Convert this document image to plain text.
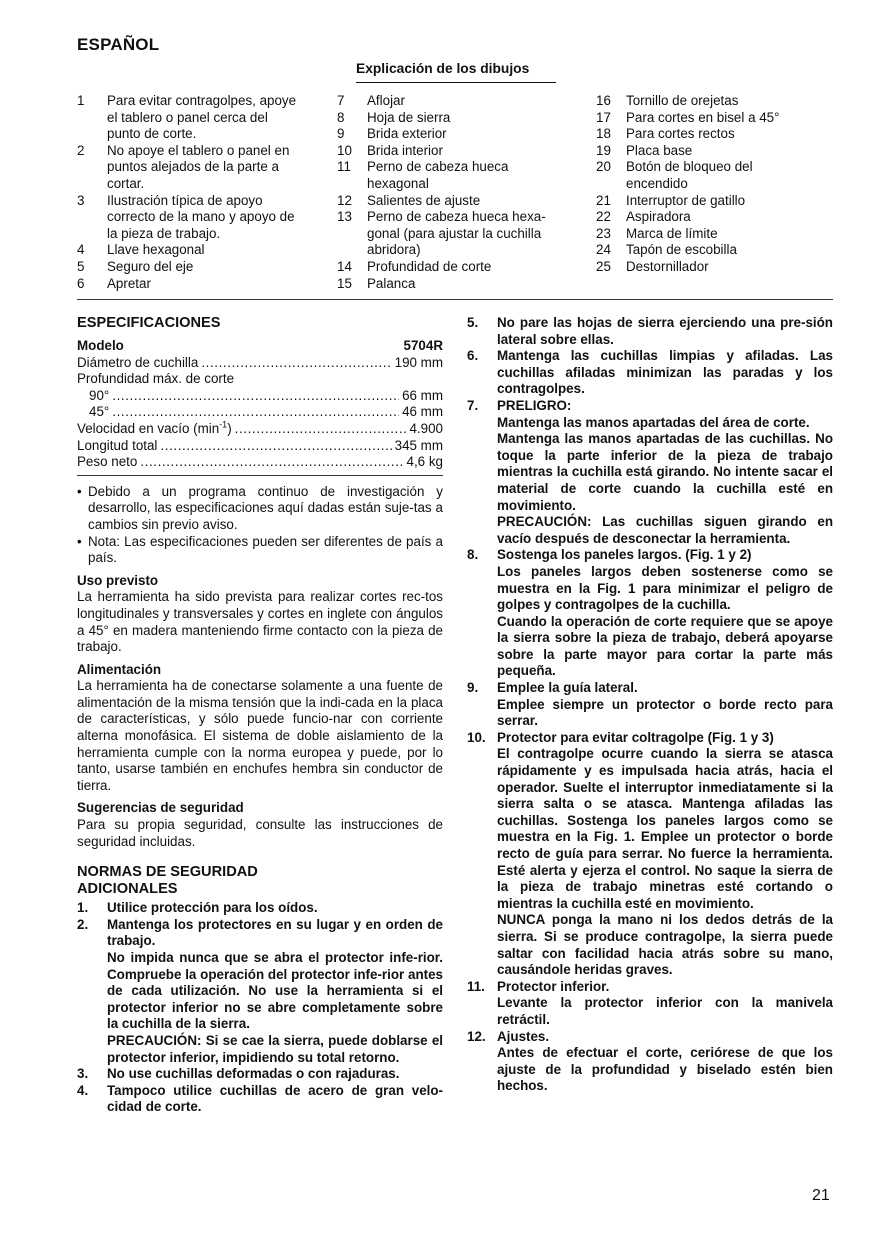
ESPAÑOL
Explicación de los dibujos
1	Para evitar contragolpes, apoye el tablero o panel cerca del punto de corte.
2	No apoye el tablero o panel en puntos alejados de la parte a cortar.
3	Ilustración típica de apoyo correcto de la mano y apoyo de la pieza de trabajo.
4	Llave hexagonal
5	Seguro del eje
6	Apretar
7	Aflojar
8	Hoja de sierra
9	Brida exterior
10	Brida interior
11	Perno de cabeza hueca hexagonal
12	Salientes de ajuste
13	Perno de cabeza hueca hexa-gonal (para ajustar la cuchilla abridora)
14	Profundidad de corte
15	Palanca
16	Tornillo de orejetas
17	Para cortes en bisel a 45°
18	Para cortes rectos
19	Placa base
20	Botón de bloqueo del encendido
21	Interruptor de gatillo
22	Aspiradora
23	Marca de límite
24	Tapón de escobilla
25	Destornillador
ESPECIFICACIONES
Modelo	5704R
Diámetro de cuchilla .....	190 mm
Profundidad máx. de corte
90° .....	66 mm
45° .....	46 mm
Velocidad en vacío $(\min^{-1})$ .....	4.900
Longitud total .....	345 mm
Peso neto .....	4,6 kg
• Debido a un programa continuo de investigación y desarrollo, las especificaciones aquí dadas están suje-tas a cambios sin previo aviso.
• Nota: Las especificaciones pueden ser diferentes de país a país.
Uso previsto

La herramienta ha sido prevista para realizar cortes rec-tos longitudinales y transversales y cortes en inglete con ángulos a 45° en madera manteniendo firme contacto con la pieza de trabajo.

Alimentación

La herramienta ha de conectarse solamente a una fuente de alimentación de la misma tensión que la indi-cada en la placa de características, y sólo puede funcio-nar con corriente alterna monofásica. El sistema de doble aislamiento de la herramienta cumple con la norma europea y puede, por lo tanto, usarse también en enchufes hembra sin conductor de tierra.

Sugerencias de seguridad

Para su propia seguridad, consulte las instrucciones de seguridad incluidas.

NORMAS DE SEGURIDAD
ADICIONALES
1.	Utilice protección para los oídos.
2.	Mantenga los protectores en su lugar y en orden de trabajo.
No impida nunca que se abra el protector infe-rior. Compruebe la operación del protector infe-rior antes de cada utilización. No use la herramienta si el protector inferior no se abre completamente sobre la cuchilla de la sierra.
PRECAUCIÓN: Si se cae la sierra, puede doblarse el protector inferior, impidiendo su total retorno.
3.	No use cuchillas deformadas o con rajaduras.
4.	Tampoco utilice cuchillas de acero de gran velo-cidad de corte.
5.	No pare las hojas de sierra ejerciendo una pre-sión lateral sobre ellas.
6.	Mantenga las cuchillas limpias y afiladas. Las cuchillas afiladas minimizan las paradas y los contragolpes.
7.	PRELIGRO:
Mantenga las manos apartadas del área de corte.
Mantenga las manos apartadas de las cuchillas. No toque la parte inferior de la pieza de trabajo mientras la cuchilla está girando. No intente sacar el material de corte cuando la cuchilla esté en movimiento.
PRECAUCIÓN: Las cuchillas siguen girando en vacío después de desconectar la herramienta.
8.	Sostenga los paneles largos. (Fig. 1 y 2)
Los paneles largos deben sostenerse como se muestra en la Fig. 1 para minimizar el peligro de golpes y contragolpes de la cuchilla.
Cuando la operación de corte requiere que se apoye la sierra sobre la pieza de trabajo, deberá apoyarse sobre la parte mayor para cortar la parte más pequeña.
9.	Emplee la guía lateral.
Emplee siempre un protector o borde recto para serrar.
10. Protector para evitar coltragolpe (Fig. 1 y 3)
El contragolpe ocurre cuando la sierra se atasca rápidamente y es impulsada hacia atrás, hacia el operador. Suelte el interruptor inmediatamente si la sierra salta o se atasca. Mantenga afiladas las cuchillas. Sostenga los paneles largos como se muestra en la Fig. 1. Emplee un protector o borde recto de guía para serrar. No fuerce la herramienta. Esté alerta y ejerza el control. No saque la sierra de la pieza de trabajo minetras esté cortando o mientras la cuchilla esté en movimiento.
NUNCA ponga la mano ni los dedos detrás de la sierra. Si se produce contragolpe, la sierra puede saltar con facilidad hacia atrás sobre su mano, causándole heridas graves.
11. Protector inferior.
Levante la protector inferior con la manivela retráctil.
12. Ajustes.
Antes de efectuar el corte, ceriórese de que los ajuste de la profundidad y biselado estén bien hechos.
21
